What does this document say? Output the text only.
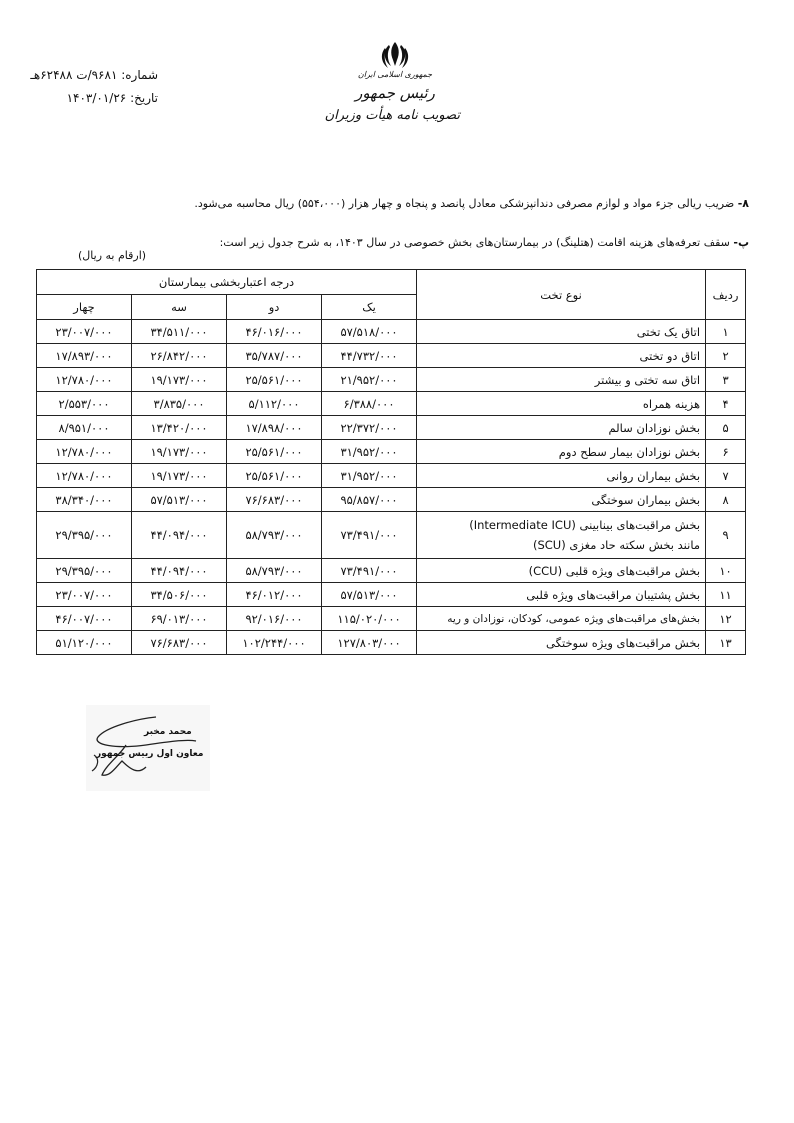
جمهوری اسلامی ایران
رئیس جمهور
تصویب نامه هیأت وزیران
شماره: ۹۶۸۱/ت ۶۲۴۸۸هـ
تاریخ: ۱۴۰۳/۰۱/۲۶
۸- ضریب ریالی جزء مواد و لوازم مصرفی دندانپزشکی معادل پانصد و پنجاه و چهار هزار (۵۵۴،۰۰۰) ریال محاسبه می‌شود.
پ- سقف تعرفه‌های هزینه اقامت (هتلینگ) در بیمارستان‌های بخش خصوصی در سال ۱۴۰۳، به شرح جدول زیر است:
(ارقام به ریال)
ردیف	نوع تخت	درجه اعتباربخشی بیمارستان			
		یک	دو	سه	چهار
۱	اتاق یک تختی	۵۷/۵۱۸/۰۰۰	۴۶/۰۱۶/۰۰۰	۳۴/۵۱۱/۰۰۰	۲۳/۰۰۷/۰۰۰
۲	اتاق دو تختی	۴۴/۷۳۲/۰۰۰	۳۵/۷۸۷/۰۰۰	۲۶/۸۴۲/۰۰۰	۱۷/۸۹۳/۰۰۰
۳	اتاق سه تختی و بیشتر	۲۱/۹۵۲/۰۰۰	۲۵/۵۶۱/۰۰۰	۱۹/۱۷۳/۰۰۰	۱۲/۷۸۰/۰۰۰
۴	هزینه همراه	۶/۳۸۸/۰۰۰	۵/۱۱۲/۰۰۰	۳/۸۳۵/۰۰۰	۲/۵۵۳/۰۰۰
۵	بخش نوزادان سالم	۲۲/۳۷۲/۰۰۰	۱۷/۸۹۸/۰۰۰	۱۳/۴۲۰/۰۰۰	۸/۹۵۱/۰۰۰
۶	بخش نوزادان بیمار سطح دوم	۳۱/۹۵۲/۰۰۰	۲۵/۵۶۱/۰۰۰	۱۹/۱۷۳/۰۰۰	۱۲/۷۸۰/۰۰۰
۷	بخش بیماران روانی	۳۱/۹۵۲/۰۰۰	۲۵/۵۶۱/۰۰۰	۱۹/۱۷۳/۰۰۰	۱۲/۷۸۰/۰۰۰
۸	بخش بیماران سوختگی	۹۵/۸۵۷/۰۰۰	۷۶/۶۸۳/۰۰۰	۵۷/۵۱۳/۰۰۰	۳۸/۳۴۰/۰۰۰
۹	بخش مراقبت‌های بینابینی (Intermediate ICU)
مانند بخش سکته حاد مغزی (SCU)	۷۳/۴۹۱/۰۰۰	۵۸/۷۹۳/۰۰۰	۴۴/۰۹۴/۰۰۰	۲۹/۳۹۵/۰۰۰
۱۰	بخش مراقبت‌های ویژه قلبی (CCU)	۷۳/۴۹۱/۰۰۰	۵۸/۷۹۳/۰۰۰	۴۴/۰۹۴/۰۰۰	۲۹/۳۹۵/۰۰۰
۱۱	بخش پشتیبان مراقبت‌های ویژه قلبی	۵۷/۵۱۳/۰۰۰	۴۶/۰۱۲/۰۰۰	۳۴/۵۰۶/۰۰۰	۲۳/۰۰۷/۰۰۰
۱۲	بخش‌های مراقبت‌های ویژه عمومی، کودکان، نوزادان و ریه	۱۱۵/۰۲۰/۰۰۰	۹۲/۰۱۶/۰۰۰	۶۹/۰۱۳/۰۰۰	۴۶/۰۰۷/۰۰۰
۱۳	بخش مراقبت‌های ویژه سوختگی	۱۲۷/۸۰۳/۰۰۰	۱۰۲/۲۴۴/۰۰۰	۷۶/۶۸۳/۰۰۰	۵۱/۱۲۰/۰۰۰
محمد مخبر
معاون اول رییس جمهور
